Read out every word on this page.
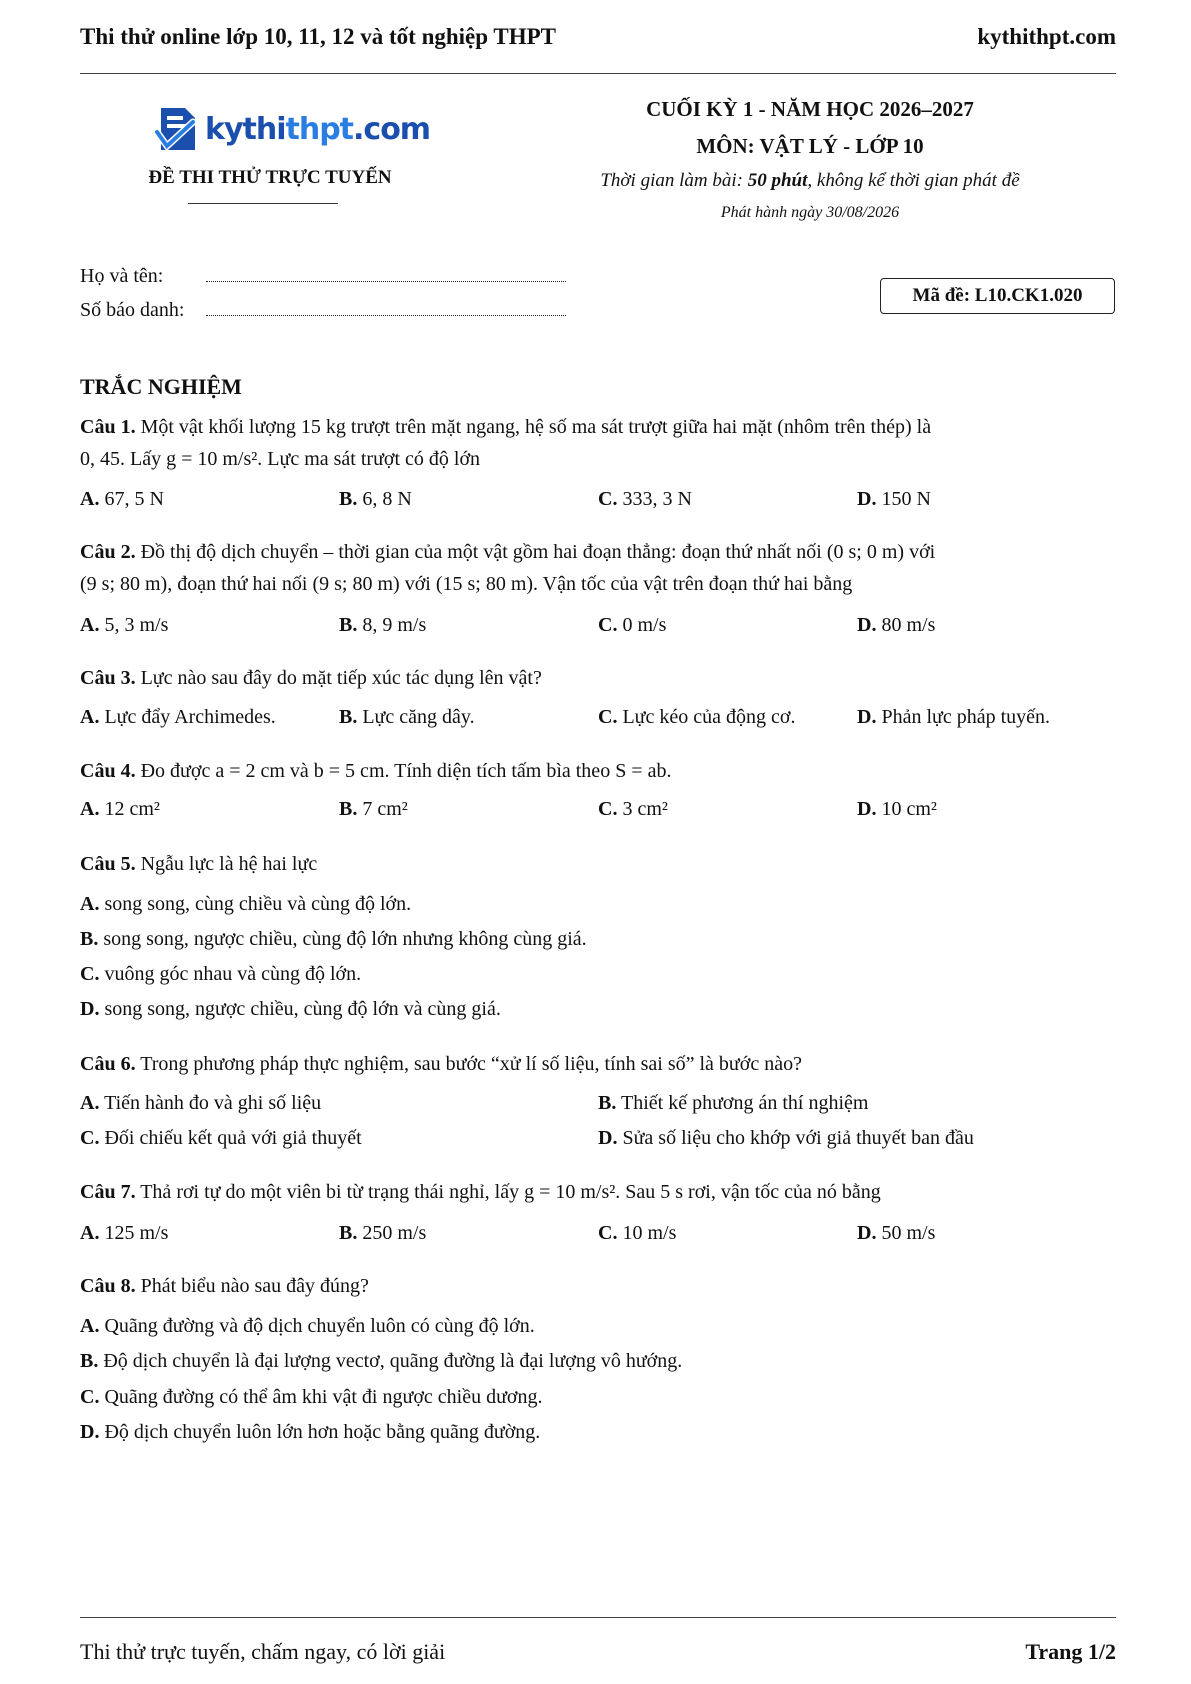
Thi thử online lớp 10, 11, 12 và tốt nghiệp THPT	kythithpt.com
kythithpt.com
ĐỀ THI THỬ TRỰC TUYẾN
CUỐI KỲ 1 - NĂM HỌC 2026–2027
MÔN: VẬT LÝ - LỚP 10
Thời gian làm bài: 50 phút, không kể thời gian phát đề
Phát hành ngày 30/08/2026
Họ và tên:
Số báo danh:
Mã đề: L10.CK1.020
TRẮC NGHIỆM
Câu 1. Một vật khối lượng 15 kg trượt trên mặt ngang, hệ số ma sát trượt giữa hai mặt (nhôm trên thép) là
0, 45. Lấy g = 10 m/s². Lực ma sát trượt có độ lớn
A. 67, 5 N	B. 6, 8 N	C. 333, 3 N	D. 150 N
Câu 2. Đồ thị độ dịch chuyển – thời gian của một vật gồm hai đoạn thẳng: đoạn thứ nhất nối (0 s; 0 m) với
(9 s; 80 m), đoạn thứ hai nối (9 s; 80 m) với (15 s; 80 m). Vận tốc của vật trên đoạn thứ hai bằng
A. 5, 3 m/s	B. 8, 9 m/s	C. 0 m/s	D. 80 m/s
Câu 3. Lực nào sau đây do mặt tiếp xúc tác dụng lên vật?
A. Lực đẩy Archimedes.	B. Lực căng dây.	C. Lực kéo của động cơ.	D. Phản lực pháp tuyến.
Câu 4. Đo được a = 2 cm và b = 5 cm. Tính diện tích tấm bìa theo S = ab.
A. 12 cm²	B. 7 cm²	C. 3 cm²	D. 10 cm²
Câu 5. Ngẫu lực là hệ hai lực
A. song song, cùng chiều và cùng độ lớn.
B. song song, ngược chiều, cùng độ lớn nhưng không cùng giá.
C. vuông góc nhau và cùng độ lớn.
D. song song, ngược chiều, cùng độ lớn và cùng giá.
Câu 6. Trong phương pháp thực nghiệm, sau bước “xử lí số liệu, tính sai số” là bước nào?
A. Tiến hành đo và ghi số liệu	B. Thiết kế phương án thí nghiệm
C. Đối chiếu kết quả với giả thuyết	D. Sửa số liệu cho khớp với giả thuyết ban đầu
Câu 7. Thả rơi tự do một viên bi từ trạng thái nghỉ, lấy g = 10 m/s². Sau 5 s rơi, vận tốc của nó bằng
A. 125 m/s	B. 250 m/s	C. 10 m/s	D. 50 m/s
Câu 8. Phát biểu nào sau đây đúng?
A. Quãng đường và độ dịch chuyển luôn có cùng độ lớn.
B. Độ dịch chuyển là đại lượng vectơ, quãng đường là đại lượng vô hướng.
C. Quãng đường có thể âm khi vật đi ngược chiều dương.
D. Độ dịch chuyển luôn lớn hơn hoặc bằng quãng đường.
Thi thử trực tuyến, chấm ngay, có lời giải	Trang 1/2
